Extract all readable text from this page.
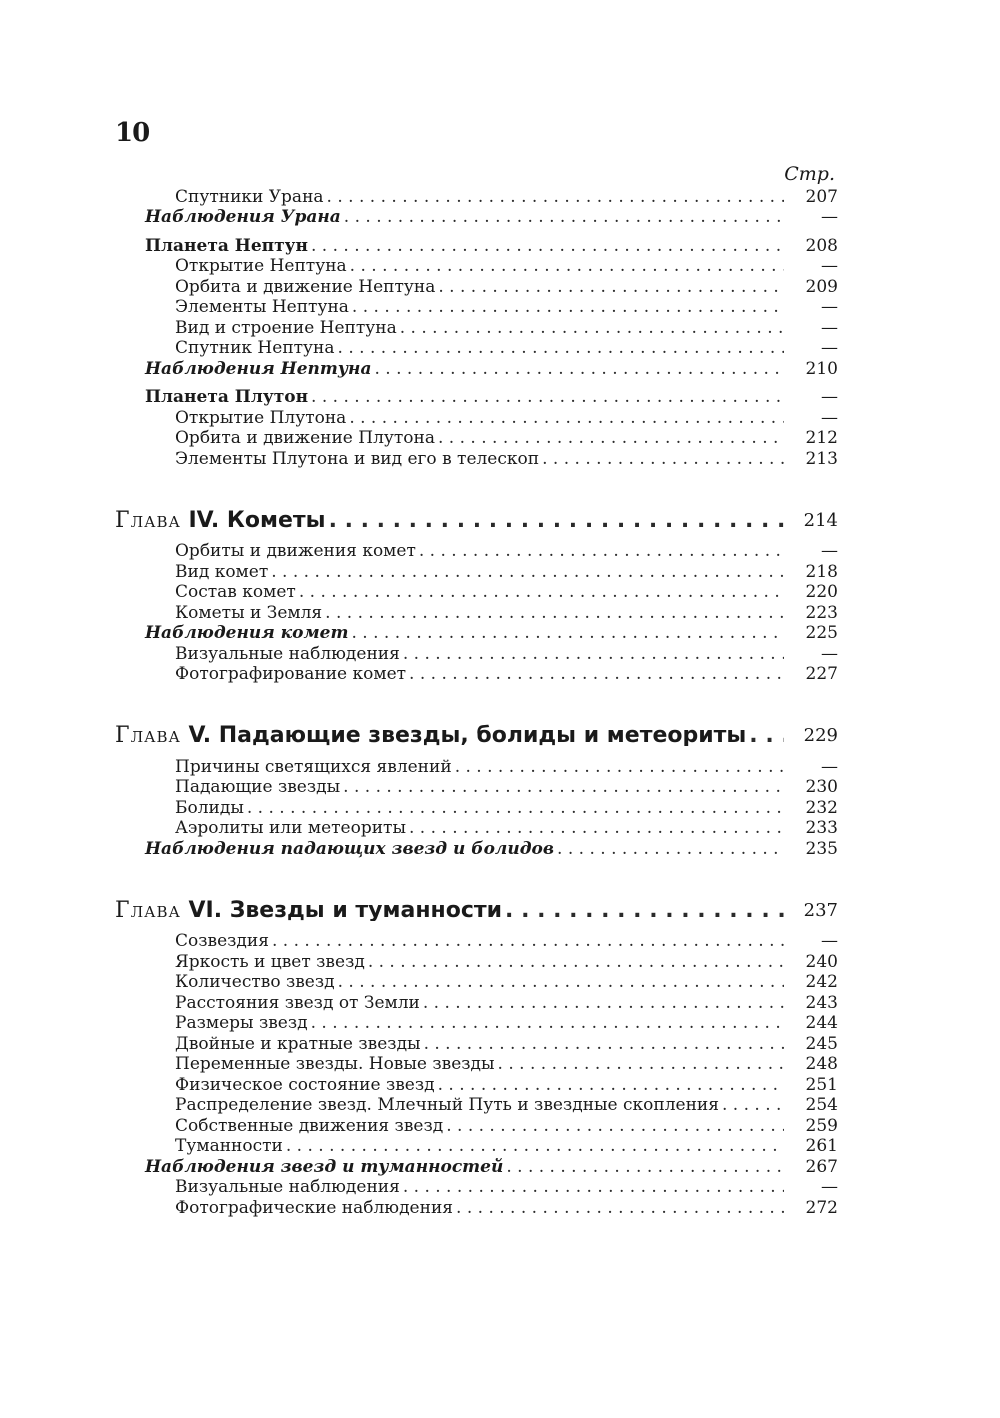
10
Стр.
Спутники Урана . . .	207
Наблюдения Урана . . .	—
Планета Нептун . . .	208
Открытие Нептуна . . .	—
Орбита и движение Нептуна . . .	209
Элементы Нептуна . . .	—
Вид и строение Нептуна . . .	—
Спутник Нептуна . . .	—
Наблюдения Нептуна . . .	210
Планета Плутон . . .	—
Открытие Плутона . . .	—
Орбита и движение Плутона . . .	212
Элементы Плутона и вид его в телескоп . . .	213
Глава IV. Кометы . . .	214
Орбиты и движения комет . . .	—
Вид комет . . .	218
Состав комет . . .	220
Кометы и Земля . . .	223
Наблюдения комет . . .	225
Визуальные наблюдения . . .	—
Фотографирование комет . . .	227
Глава V. Падающие звезды, болиды и метеориты . . .	229
Причины светящихся явлений . . .	—
Падающие звезды . . .	230
Болиды . . .	232
Аэролиты или метеориты . . .	233
Наблюдения падающих звезд и болидов . . .	235
Глава VI. Звезды и туманности . . .	237
Созвездия . . .	—
Яркость и цвет звезд . . .	240
Количество звезд . . .	242
Расстояния звезд от Земли . . .	243
Размеры звезд . . .	244
Двойные и кратные звезды . . .	245
Переменные звезды. Новые звезды . . .	248
Физическое состояние звезд . . .	251
Распределение звезд. Млечный Путь и звездные скопления . . .	254
Собственные движения звезд . . .	259
Туманности . . .	261
Наблюдения звезд и туманностей . . .	267
Визуальные наблюдения . . .	—
Фотографические наблюдения . . .	272
